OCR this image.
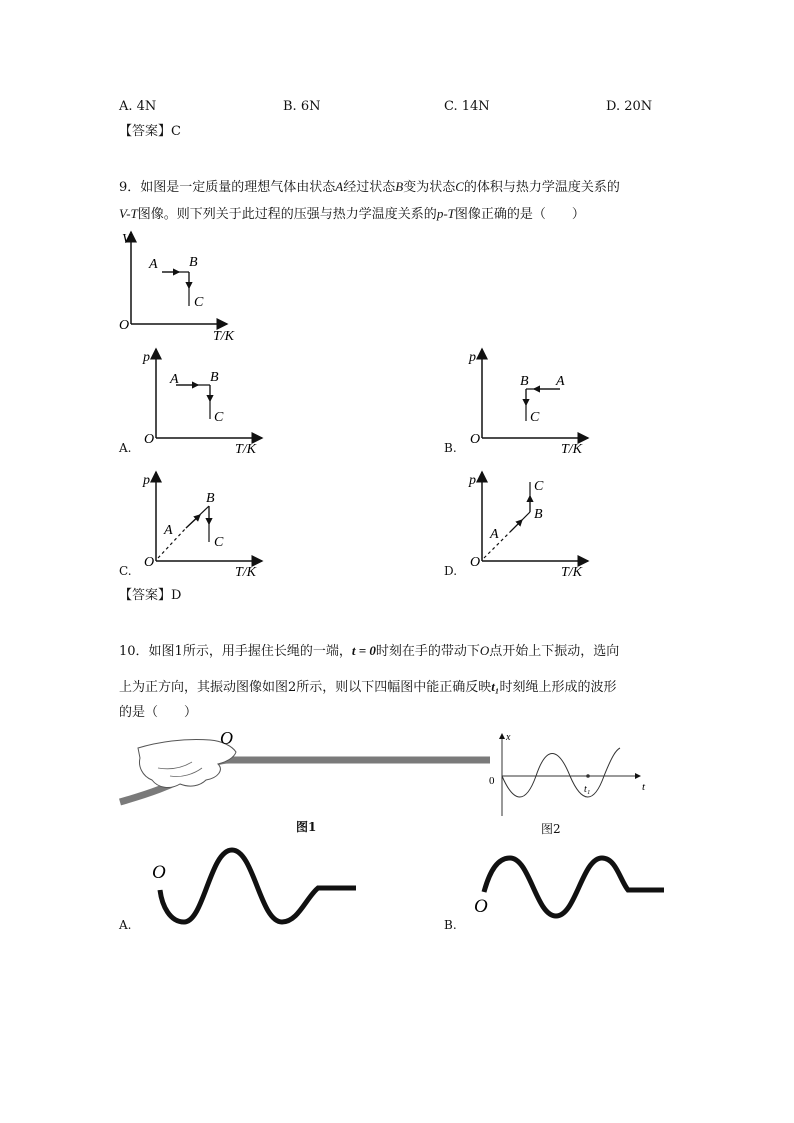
A. 4N	B. 6N	C. 14N	D. 20N
【答案】C
9．如图是一定质量的理想气体由状态A经过状态B变为状态C的体积与热力学温度关系的
V-T图像。则下列关于此过程的压强与热力学温度关系的p-T图像正确的是（　　）
V
O
T/K
A B
C
p
O
T/K
A B
C
A.
p
O
T/K
A
B
C
B.
p
O
T/K
A
B
C
C.
p
O
T/K
A
B
C
D.
【答案】D
10．如图1所示，用手握住长绳的一端，t = 0时刻在手的带动下O点开始上下振动，选向
上为正方向，其振动图像如图2所示，则以下四幅图中能正确反映t₁时刻绳上形成的波形
的是（　　）
O
图1
x
0	t
t₁
图2
O
A.
O
B.
